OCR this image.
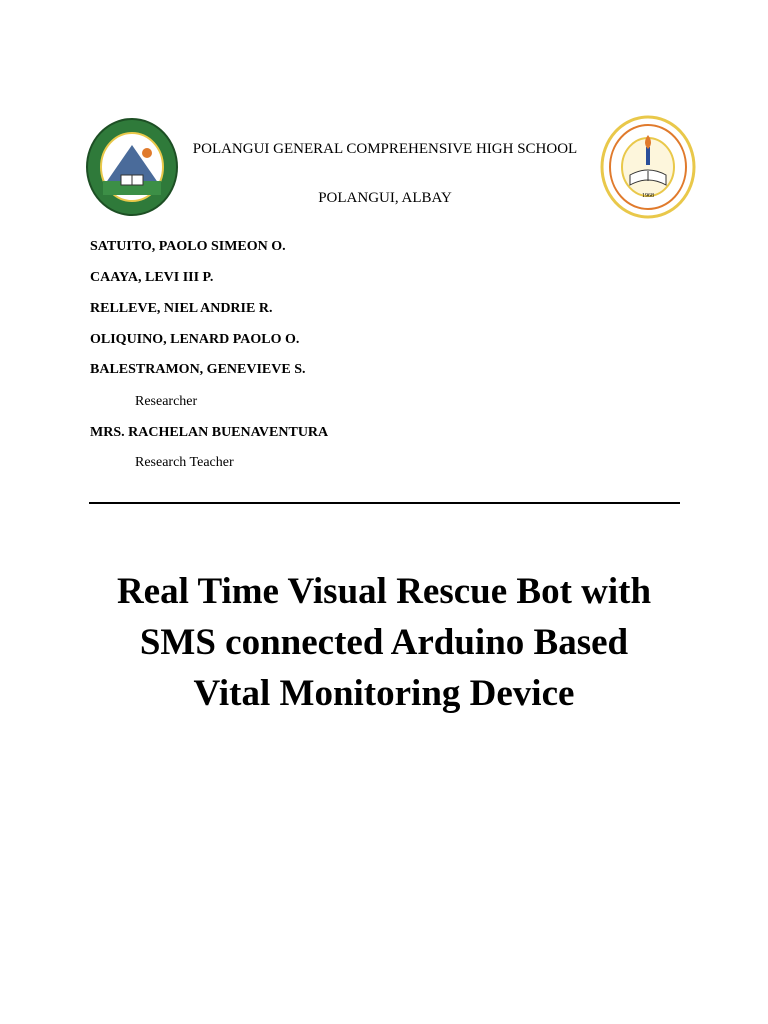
POLANGUI GENERAL COMPREHENSIVE HIGH SCHOOL
POLANGUI, ALBAY	1968
SATUITO, PAOLO SIMEON O.
CAAYA, LEVI III P.
RELLEVE, NIEL ANDRIE R.
OLIQUINO, LENARD PAOLO O.
BALESTRAMON, GENEVIEVE S.
Researcher
MRS. RACHELAN BUENAVENTURA
Research Teacher
Real Time Visual Rescue Bot with
SMS connected Arduino Based
Vital Monitoring Device
